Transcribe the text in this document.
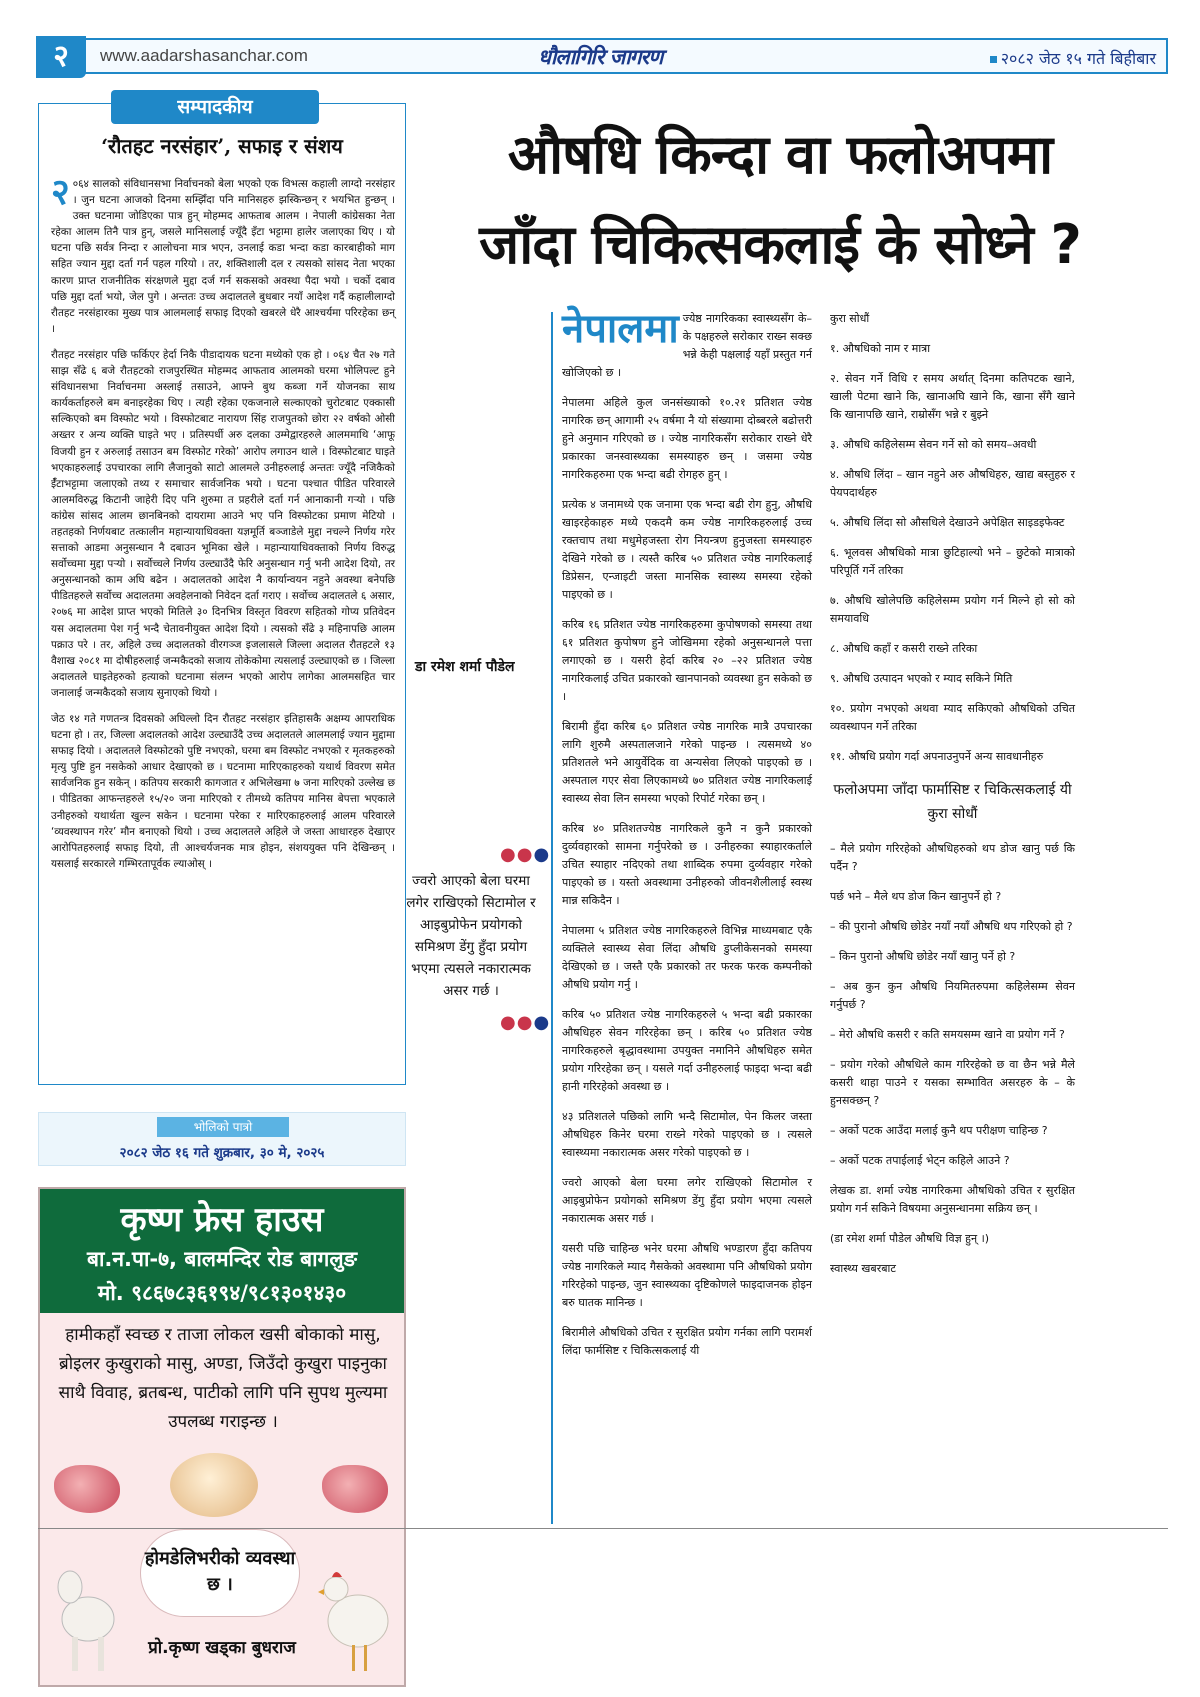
२	www.aadarshasanchar.com	धौलागिरि जागरण	२०८२ जेठ १५ गते बिहीबार
सम्पादकीय
‘रौतहट नरसंहार’, सफाइ र संशय

२ ०६४ सालको संविधानसभा निर्वाचनको बेला भएको एक विभत्स कहाली लाग्दो नरसंहार । जुन घटना आजको दिनमा सम्झिँदा पनि मानिसहरु झस्किन्छन् र भयभित हुन्छन् । उक्त घटनामा जोडिएका पात्र हुन् मोहम्मद आफताब आलम । नेपाली कांग्रेसका नेता रहेका आलम तिनै पात्र हुन्, जसले मानिसलाई ज्यूँदै इँटा भट्टामा हालेर जलाएका थिए । यो घटना पछि सर्वत्र निन्दा र आलोचना मात्र भएन, उनलाई कडा भन्दा कडा कारबाहीको माग सहित ज्यान मुद्दा दर्ता गर्न पहल गरियो । तर, शक्तिशाली दल र त्यसको सांसद नेता भएका कारण प्राप्त राजनीतिक संरक्षणले मुद्दा दर्ज गर्न सकसको अवस्था पैदा भयो । चर्को दबाव पछि मुद्दा दर्ता भयो, जेल पुगे । अन्ततः उच्च अदालतले बुधबार नयाँ आदेश गर्दै कहालीलाग्दो रौतहट नरसंहारका मुख्य पात्र आलमलाई सफाइ दिएको खबरले धेरै आश्चर्यमा परिरहेका छन् ।

रौतहट नरसंहार पछि फर्किएर हेर्दा निकै पीडादायक घटना मध्येको एक हो । ०६४ चैत २७ गते साझ सँढे ६ बजे रौतहटको राजपुरस्थित मोहम्मद आफताव आलमको घरमा भोलिपल्ट हुने संविधानसभा निर्वाचनमा अस्लाई तसाउने, आफ्ने बुथ कब्जा गर्ने योजनका साथ कार्यकर्ताहरुले बम बनाइरहेका थिए । त्यही रहेका एकजनाले सल्काएको चुरोटबाट एक्कासी सल्किएको बम विस्फोट भयो । विस्फोटबाट नारायण सिंह राजपुतको छोरा २२ वर्षको ओसी अख्तर र अन्य व्यक्ति घाइते भए । प्रतिस्पर्धी अरु दलका उम्मेद्वारहरुले आलममाथि ‘आफू विजयी हुन र अरुलाई तसाउन बम विस्फोट गरेको’ आरोप लगाउन थाले । विस्फोटबाट घाइते भएकाहरुलाई उपचारका लागि लैजानुको साटो आलमले उनीहरुलाई अन्ततः ज्यूँदै नजिकैको ईँटाभट्टामा जलाएको तथ्य र समाचार सार्वजनिक भयो । घटना पश्चात पीडित परिवारले आलमविरुद्ध किटानी जाहेरी दिए पनि शुरुमा त प्रहरीले दर्ता गर्न आनाकानी गऱ्यो । पछि कांग्रेस सांसद आलम छानबिनको दायरामा आउने भए पनि विस्फोटका प्रमाण मेटियो । तहतहको निर्णयबाट तत्कालीन महान्यायाधिवक्ता यज्ञमूर्ति बञ्जाडेले मुद्दा नचल्ने निर्णय गरेर सत्ताको आडमा अनुसन्धान नै दबाउन भूमिका खेले । महान्यायाधिवक्ताको निर्णय विरुद्ध सर्वोच्चमा मुद्दा पऱ्यो । सर्वोच्चले निर्णय उल्ट्याउँदै फेरि अनुसन्धान गर्नु भनी आदेश दियो, तर अनुसन्धानको काम अघि बढेन । अदालतको आदेश नै कार्यान्वयन नहुने अवस्था बनेपछि पीडितहरुले सर्वोच्च अदालतमा अवहेलनाको निवेदन दर्ता गराए । सर्वोच्च अदालतले ६ असार, २०७६ मा आदेश प्राप्त भएको मितिले ३० दिनभित्र विस्तृत विवरण सहितको गोप्य प्रतिवेदन यस अदालतमा पेश गर्नु भन्दै चेतावनीयुक्त आदेश दियो । त्यसको सँढे ३ महिनापछि आलम पक्राउ परे । तर, अहिले उच्च अदालतको वीरगञ्ज इजलासले जिल्ला अदालत रौतहटले १३ वैशाख २०८१ मा दोषीहरुलाई जन्मकैदको सजाय तोकेकोमा त्यसलाई उल्ट्याएको छ । जिल्ला अदालतले घाइतेहरुको हत्याको घटनामा संलग्न भएको आरोप लागेका आलमसहित चार जनालाई जन्मकैदको सजाय सुनाएको थियो ।

जेठ १४ गते गणतन्त्र दिवसको अघिल्लो दिन रौतहट नरसंहार इतिहासकै अक्षम्य आपराधिक घटना हो । तर, जिल्ला अदालतको आदेश उल्ट्याउँदै उच्च अदालतले आलमलाई ज्यान मुद्दामा सफाइ दियो । अदालतले विस्फोटको पुष्टि नभएको, घरमा बम विस्फोट नभएको र मृतकहरुको मृत्यु पुष्टि हुन नसकेको आधार देखाएको छ । घटनामा मारिएकाहरुको यथार्थ विवरण समेत सार्वजनिक हुन सकेन् । कतिपय सरकारी कागजात र अभिलेखमा ७ जना मारिएको उल्लेख छ । पीडितका आफन्तहरुले १५/२० जना मारिएको र तीमध्ये कतिपय मानिस बेपत्ता भएकाले उनीहरुको यथार्थता खुल्न सकेन । घटनामा परेका र मारिएकाहरुलाई आलम परिवारले ‘व्यवस्थापन गरेर’ मौन बनाएको थियो । उच्च अदालतले अहिले जे जस्ता आधारहरु देखाएर आरोपितहरुलाई सफाइ दियो, ती आश्चर्यजनक मात्र होइन, संशययुक्त पनि देखिन्छन् । यसलाई सरकारले गम्भिरतापूर्वक ल्याओस् ।

भोलिको पात्रो
२०८२ जेठ १६ गते शुक्रबार, ३० मे, २०२५
कृष्ण फ्रेस हाउस
बा.न.पा-७, बालमन्दिर रोड बागलुङ
मो. ९८६७८३६१९४/९८१३०१४३०
हामीकहाँ स्वच्छ र ताजा लोकल खसी बोकाको मासु, ब्रोइलर कुखुराको मासु, अण्डा, जिउँदो कुखुरा पाइनुका साथै विवाह, ब्रतबन्ध, पाटीको लागि पनि सुपथ मुल्यमा उपलब्ध गराइन्छ ।
होमडेलिभरीको व्यवस्था छ ।
प्रो.कृष्ण खड्का बुधराज
औषधि किन्दा वा फलोअपमा
जाँदा चिकित्सकलाई के सोध्ने ?
डा रमेश शर्मा पौडेल
●●●
ज्वरो आएको बेला घरमा लगेर राखिएको सिटामोल र आइबुप्रोफेन प्रयोगको समिश्रण डेंगु हुँदा प्रयोग भएमा त्यसले नकारात्मक असर गर्छ ।
●●●

नेपालमा ज्येष्ठ नागरिकका स्वास्थ्यसँग के–के पक्षहरुले सरोकार राख्न सक्छ भन्ने केही पक्षलाई यहाँ प्रस्तुत गर्न खोजिएको छ ।

नेपालमा अहिले कुल जनसंख्याको १०.२१ प्रतिशत ज्येष्ठ नागरिक छन् आगामी २५ वर्षमा नै यो संख्यामा दोब्बरले बढोत्तरी हुने अनुमान गरिएको छ । ज्येष्ठ नागरिकसँग सरोकार राख्ने धेरै प्रकारका जनस्वास्थ्यका समस्याहरु छन् । जसमा ज्येष्ठ नागरिकहरुमा एक भन्दा बढी रोगहरु हुन् ।

प्रत्येक ४ जनामध्ये एक जनामा एक भन्दा बढी रोग हुनु, औषधि खाइरहेकाहरु मध्ये एकदमै कम ज्येष्ठ नागरिकहरुलाई उच्च रक्तचाप तथा मधुमेहजस्ता रोग नियन्त्रण हुनुजस्ता समस्याहरु देखिने गरेको छ । त्यस्तै करिब ५० प्रतिशत ज्येष्ठ नागरिकलाई डिप्रेसन, एन्जाइटी जस्ता मानसिक स्वास्थ्य समस्या रहेको पाइएको छ ।

करिब १६ प्रतिशत ज्येष्ठ नागरिकहरुमा कुपोषणको समस्या तथा ६१ प्रतिशत कुपोषण हुने जोखिममा रहेको अनुसन्धानले पत्ता लगाएको छ । यसरी हेर्दा करिब २० –२२ प्रतिशत ज्येष्ठ नागरिकलाई उचित प्रकारको खानपानको व्यवस्था हुन सकेको छ ।

बिरामी हुँदा करिब ६० प्रतिशत ज्येष्ठ नागरिक मात्रै उपचारका लागि शुरुमै अस्पतालजाने गरेको पाइन्छ । त्यसमध्ये ४० प्रतिशतले भने आयुर्वेदिक वा अन्यसेवा लिएको पाइएको छ । अस्पताल गएर सेवा लिएकामध्ये ७० प्रतिशत ज्येष्ठ नागरिकलाई स्वास्थ्य सेवा लिन समस्या भएको रिपोर्ट गरेका छन् ।

करिब ४० प्रतिशतज्येष्ठ नागरिकले कुनै न कुनै प्रकारको दुर्व्यवहारको सामना गर्नुपरेको छ । उनीहरुका स्याहारकर्ताले उचित स्याहार नदिएको तथा शाब्दिक रुपमा दुर्व्यवहार गरेको पाइएको छ । यस्तो अवस्थामा उनीहरुको जीवनशैलीलाई स्वस्थ मान्न सकिदैन ।

नेपालमा ५ प्रतिशत ज्येष्ठ नागरिकहरुले विभिन्न माध्यमबाट एकै व्यक्तिले स्वास्थ्य सेवा लिंदा औषधि डुप्लीकेसनको समस्या देखिएको छ । जस्तै एकै प्रकारको तर फरक फरक कम्पनीको औषधि प्रयोग गर्नु ।

करिब ५० प्रतिशत ज्येष्ठ नागरिकहरुले ५ भन्दा बढी प्रकारका औषधिहरु सेवन गरिरहेका छन् । करिब ५० प्रतिशत ज्येष्ठ नागरिकहरुले बृद्धावस्थामा उपयुक्त नमानिने औषधिहरु समेत प्रयोग गरिरहेका छन् । यसले गर्दा उनीहरुलाई फाइदा भन्दा बढी हानी गरिरहेको अवस्था छ ।

४३ प्रतिशतले पछिको लागि भन्दै सिटामोल, पेन किलर जस्ता औषधिहरु किनेर घरमा राख्ने गरेको पाइएको छ । त्यसले स्वास्थ्यमा नकारात्मक असर गरेको पाइएको छ ।

ज्वरो आएको बेला घरमा लगेर राखिएको सिटामोल र आइबुप्रोफेन प्रयोगको समिश्रण डेंगु हुँदा प्रयोग भएमा त्यसले नकारात्मक असर गर्छ ।

यसरी पछि चाहिन्छ भनेर घरमा औषधि भण्डारण हुँदा कतिपय ज्येष्ठ नागरिकले म्याद गैसकेको अवस्थामा पनि औषधिको प्रयोग गरिरहेको पाइन्छ, जुन स्वास्थ्यका दृष्टिकोणले फाइदाजनक होइन बरु घातक मानिन्छ ।

बिरामीले औषधिको उचित र सुरक्षित प्रयोग गर्नका लागि परामर्श लिंदा फार्मसिष्ट र चिकित्सकलाई यी

कुरा सोधौं

१. औषधिको नाम र मात्रा

२. सेवन गर्ने विधि र समय अर्थात् दिनमा कतिपटक खाने, खाली पेटमा खाने कि, खानाअघि खाने कि, खाना सँगै खाने कि खानापछि खाने, राम्रोसँग भन्ने र बुझ्ने

३. औषधि कहिलेसम्म सेवन गर्ने सो को समय–अवधी

४. औषधि लिंदा – खान नहुने अरु औषधिहरु, खाद्य बस्तुहरु र पेयपदार्थहरु

५. औषधि लिंदा सो औसधिले देखाउने अपेक्षित साइडइफेक्ट

६. भूलवस औषधिको मात्रा छुटिहाल्यो भने – छुटेको मात्राको परिपूर्ति गर्ने तरिका

७. औषधि खोलेपछि कहिलेसम्म प्रयोग गर्न मिल्ने हो सो को समयावधि

८. औषधि कहाँ र कसरी राख्ने तरिका

९. औषधि उत्पादन भएको र म्याद सकिने मिति

१०. प्रयोग नभएको अथवा म्याद सकिएको औषधिको उचित व्यवस्थापन गर्ने तरिका

११. औषधि प्रयोग गर्दा अपनाउनुपर्ने अन्य सावधानीहरु

फलोअपमा जाँदा फार्मासिष्ट र चिकित्सकलाई यी कुरा सोधौं

– मैले प्रयोग गरिरहेको औषधिहरुको थप डोज खानु पर्छ कि पर्दैन ?

पर्छ भने – मैले थप डोज किन खानुपर्ने हो ?

– की पुरानो औषधि छोडेर नयाँ नयाँ औषधि थप गरिएको हो ?

– किन पुरानो औषधि छोडेर नयाँ खानु पर्ने हो ?

– अब कुन कुन औषधि नियमितरुपमा कहिलेसम्म सेवन गर्नुपर्छ ?

– मेरो औषधि कसरी र कति समयसम्म खाने वा प्रयोग गर्ने ?

– प्रयोग गरेको औषधिले काम गरिरहेको छ वा छैन भन्ने मैले कसरी थाहा पाउने र यसका सम्भावित असरहरु के – के हुनसक्छन् ?

– अर्को पटक आउँदा मलाई कुनै थप परीक्षण चाहिन्छ ?

– अर्को पटक तपाईलाई भेट्न कहिले आउने ?

लेखक डा. शर्मा ज्येष्ठ नागरिकमा औषधिको उचित र सुरक्षित प्रयोग गर्न सकिने विषयमा अनुसन्धानमा सक्रिय छन् ।

(डा रमेश शर्मा पौडेल औषधि विज्ञ हुन् ।)

स्वास्थ्य खबरबाट
